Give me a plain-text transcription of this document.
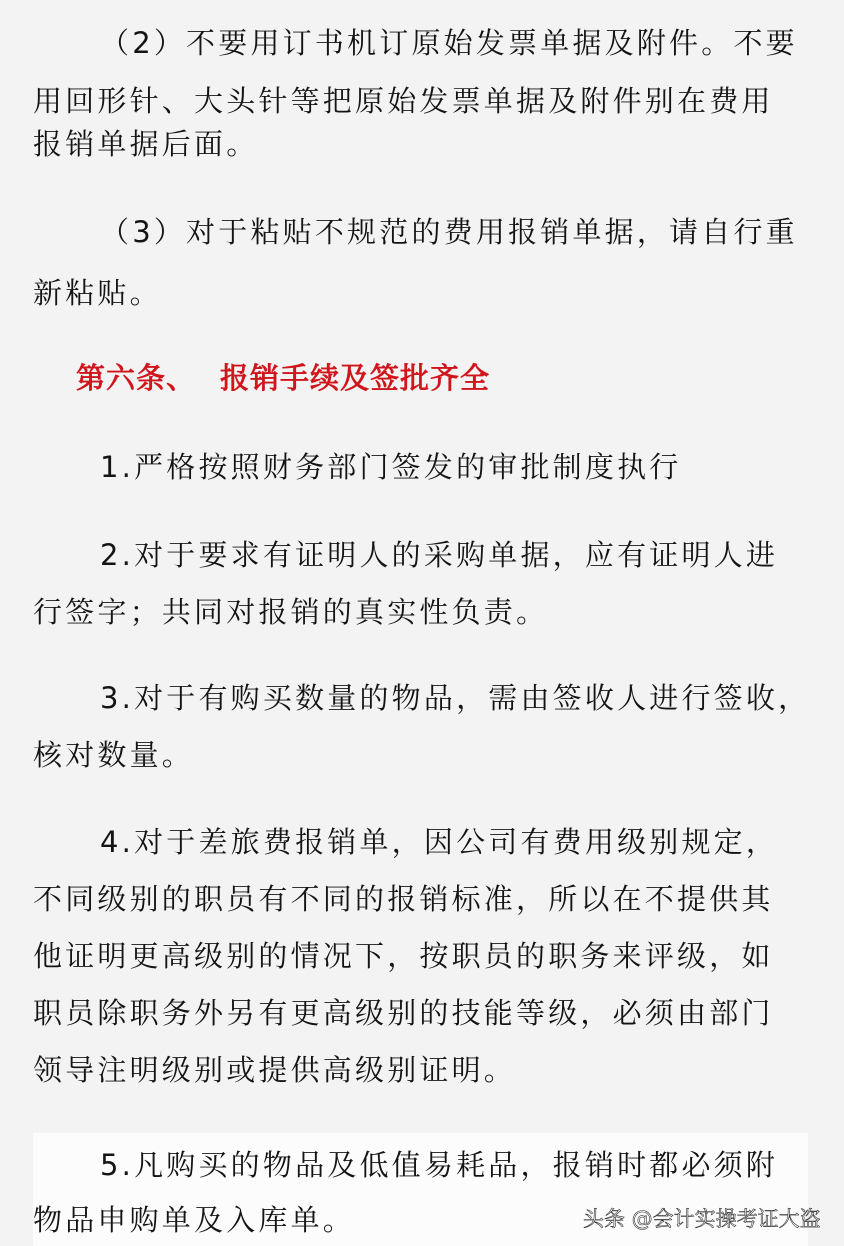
（2）不要用订书机订原始发票单据及附件。不要
用回形针、大头针等把原始发票单据及附件别在费用
报销单据后面。
（3）对于粘贴不规范的费用报销单据，请自行重
新粘贴。
第六条、 报销手续及签批齐全
1.严格按照财务部门签发的审批制度执行
2.对于要求有证明人的采购单据，应有证明人进
行签字；共同对报销的真实性负责。
3.对于有购买数量的物品，需由签收人进行签收，
核对数量。
4.对于差旅费报销单，因公司有费用级别规定，
不同级别的职员有不同的报销标准，所以在不提供其
他证明更高级别的情况下，按职员的职务来评级，如
职员除职务外另有更高级别的技能等级，必须由部门
领导注明级别或提供高级别证明。
5.凡购买的物品及低值易耗品，报销时都必须附
物品申购单及入库单。	头条 @会计实操考证大盗
